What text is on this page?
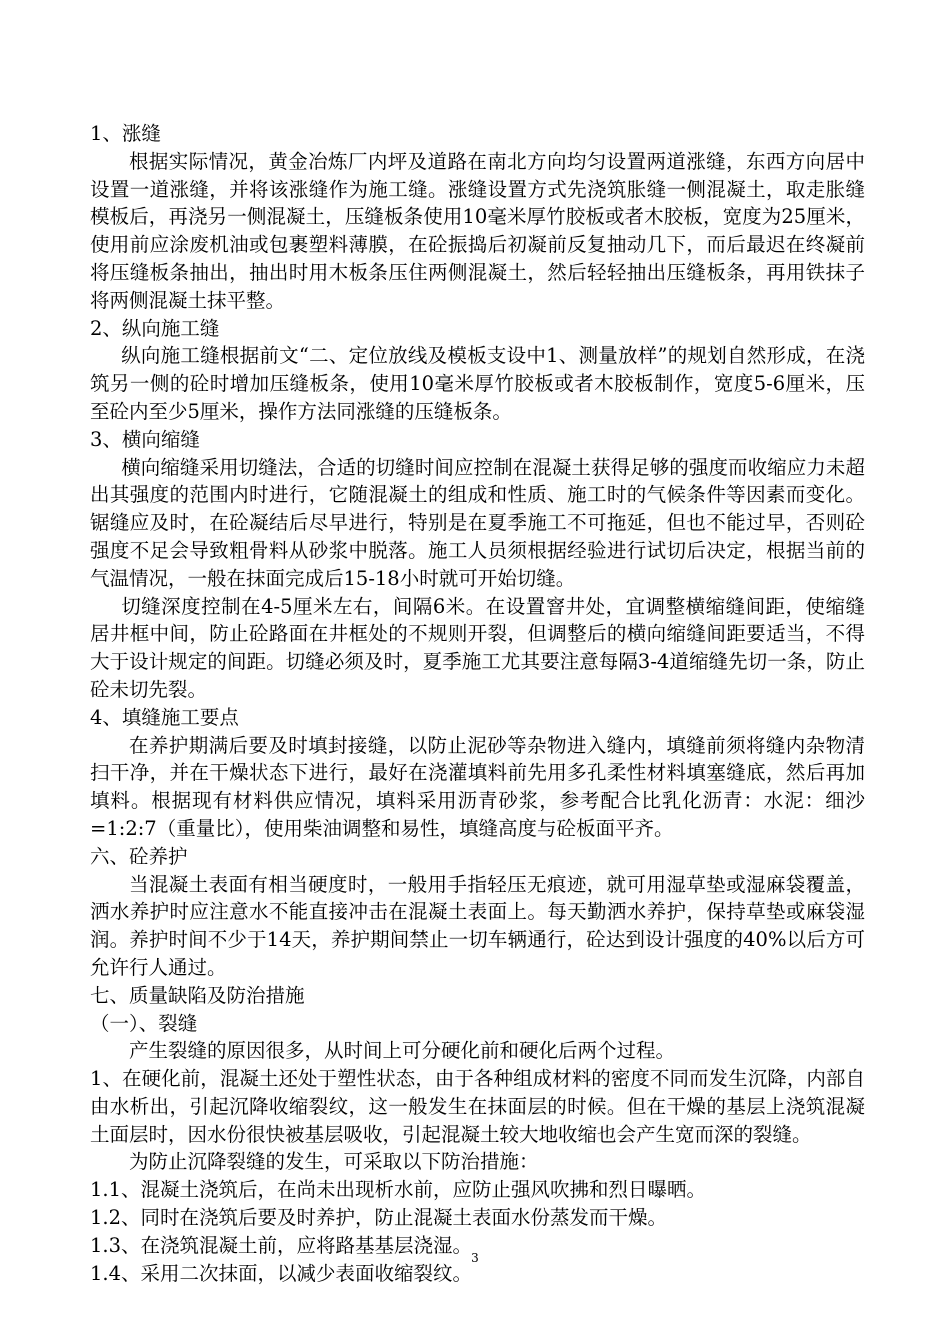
1、涨缝

根据实际情况，黄金冶炼厂内坪及道路在南北方向均匀设置两道涨缝，东西方向居中设置一道涨缝，并将该涨缝作为施工缝。涨缝设置方式先浇筑胀缝一侧混凝土，取走胀缝模板后，再浇另一侧混凝土，压缝板条使用10毫米厚竹胶板或者木胶板，宽度为25厘米，使用前应涂废机油或包裹塑料薄膜，在砼振捣后初凝前反复抽动几下，而后最迟在终凝前将压缝板条抽出，抽出时用木板条压住两侧混凝土，然后轻轻抽出压缝板条，再用铁抹子将两侧混凝土抹平整。

2、纵向施工缝

纵向施工缝根据前文“二、定位放线及模板支设中1、测量放样”的规划自然形成，在浇筑另一侧的砼时增加压缝板条，使用10毫米厚竹胶板或者木胶板制作，宽度5-6厘米，压至砼内至少5厘米，操作方法同涨缝的压缝板条。

3、横向缩缝

横向缩缝采用切缝法，合适的切缝时间应控制在混凝土获得足够的强度而收缩应力未超出其强度的范围内时进行，它随混凝土的组成和性质、施工时的气候条件等因素而变化。锯缝应及时，在砼凝结后尽早进行，特别是在夏季施工不可拖延，但也不能过早，否则砼强度不足会导致粗骨料从砂浆中脱落。施工人员须根据经验进行试切后决定，根据当前的气温情况，一般在抹面完成后15-18小时就可开始切缝。

切缝深度控制在4-5厘米左右，间隔6米。在设置窨井处，宜调整横缩缝间距，使缩缝居井框中间，防止砼路面在井框处的不规则开裂，但调整后的横向缩缝间距要适当，不得大于设计规定的间距。切缝必须及时，夏季施工尤其要注意每隔3-4道缩缝先切一条，防止砼未切先裂。

4、填缝施工要点

在养护期满后要及时填封接缝，以防止泥砂等杂物进入缝内，填缝前须将缝内杂物清扫干净，并在干燥状态下进行，最好在浇灌填料前先用多孔柔性材料填塞缝底，然后再加填料。根据现有材料供应情况，填料采用沥青砂浆，参考配合比乳化沥青：水泥：细沙=1:2:7（重量比），使用柴油调整和易性，填缝高度与砼板面平齐。

六、砼养护

当混凝土表面有相当硬度时，一般用手指轻压无痕迹，就可用湿草垫或湿麻袋覆盖，洒水养护时应注意水不能直接冲击在混凝土表面上。每天勤洒水养护，保持草垫或麻袋湿润。养护时间不少于14天，养护期间禁止一切车辆通行，砼达到设计强度的40%以后方可允许行人通过。

七、质量缺陷及防治措施

（一）、裂缝

产生裂缝的原因很多，从时间上可分硬化前和硬化后两个过程。

1、在硬化前，混凝土还处于塑性状态，由于各种组成材料的密度不同而发生沉降，内部自由水析出，引起沉降收缩裂纹，这一般发生在抹面层的时候。但在干燥的基层上浇筑混凝土面层时，因水份很快被基层吸收，引起混凝土较大地收缩也会产生宽而深的裂缝。

为防止沉降裂缝的发生，可采取以下防治措施：

1.1、混凝土浇筑后，在尚未出现析水前，应防止强风吹拂和烈日曝晒。

1.2、同时在浇筑后要及时养护，防止混凝土表面水份蒸发而干燥。

1.3、在浇筑混凝土前，应将路基基层浇湿。

1.4、采用二次抹面，以减少表面收缩裂纹。

3
